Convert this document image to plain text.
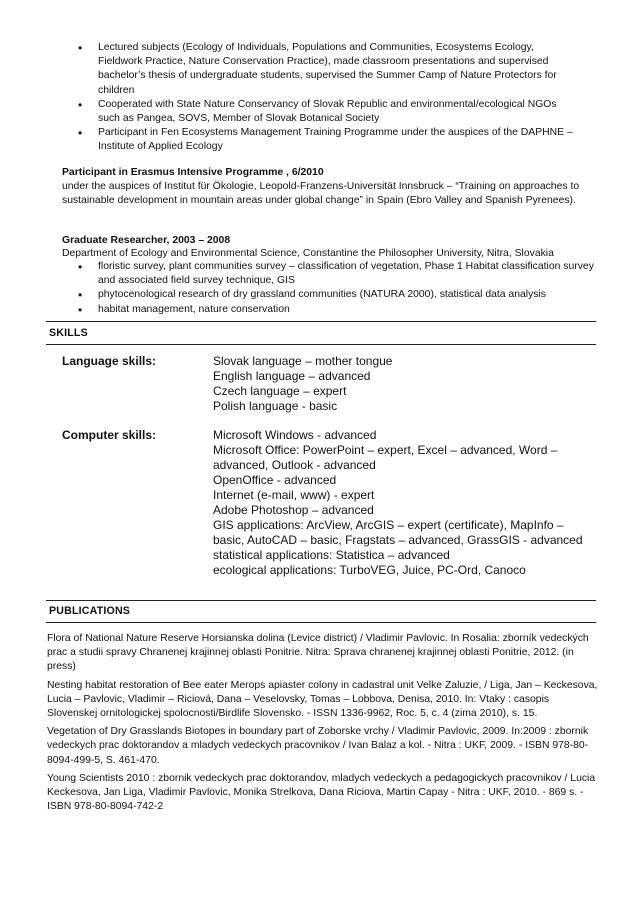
• Lectured subjects (Ecology of Individuals, Populations and Communities, Ecosystems Ecology, Fieldwork Practice, Nature Conservation Practice), made classroom presentations and supervised bachelor’s thesis of undergraduate students, supervised the Summer Camp of Nature Protectors for children
• Cooperated with State Nature Conservancy of Slovak Republic and environmental/ecological NGOs such as Pangea, SOVS, Member of Slovak Botanical Society
• Participant in Fen Ecosystems Management Training Programme under the auspices of the DAPHNE – Institute of Applied Ecology
Participant in Erasmus Intensive Programme , 6/2010
under the auspices of Institut für Ökologie, Leopold-Franzens-Universität Innsbruck – “Training on approaches to sustainable development in mountain areas under global change” in Spain (Ebro Valley and Spanish Pyrenees).
Graduate Researcher, 2003 – 2008
Department of Ecology and Environmental Science, Constantine the Philosopher University, Nitra, Slovakia
• floristic survey, plant communities survey – classification of vegetation, Phase 1 Habitat classification survey and associated field survey technique, GIS
• phytocenological research of dry grassland communities (NATURA 2000), statistical data analysis
• habitat management, nature conservation
SKILLS
Language skills:	Slovak language – mother tongue
English language – advanced
Czech language – expert
Polish language - basic
Computer skills:	Microsoft Windows - advanced
Microsoft Office: PowerPoint – expert, Excel – advanced, Word –
advanced, Outlook - advanced
OpenOffice - advanced
Internet (e-mail, www) - expert
Adobe Photoshop – advanced
GIS applications: ArcView, ArcGIS – expert (certificate), MapInfo –
basic, AutoCAD – basic, Fragstats – advanced, GrassGIS - advanced
statistical applications: Statistica – advanced
ecological applications: TurboVEG, Juice, PC-Ord, Canoco
PUBLICATIONS

Flora of National Nature Reserve Horsianska dolina (Levice district) / Vladimir Pavlovic. In Rosalia: zborník vedeckých prac a studii spravy Chranenej krajinnej oblasti Ponitrie. Nitra: Sprava chranenej krajinnej oblasti Ponitrie, 2012. (in press)

Nesting habitat restoration of Bee eater Merops apiaster colony in cadastral unit Velke Zaluzie, / Liga, Jan – Keckesova, Lucia – Pavlovic, Vladimir – Riciová, Dana – Veselovsky, Tomas – Lobbova, Denisa, 2010. In: Vtaky : casopis Slovenskej ornitologickej spolocnosti/Birdlife Slovensko. - ISSN 1336-9962, Roc. 5, c. 4 (zima 2010), s. 15.

Vegetation of Dry Grasslands Biotopes in boundary part of Zoborske vrchy / Vladimir Pavlovic, 2009. In:2009 : zbornik vedeckych prac doktorandov a mladych vedeckych pracovnikov / Ivan Balaz a kol. - Nitra : UKF, 2009. - ISBN 978-80-8094-499-5, S. 461-470.

Young Scientists 2010 : zbornik vedeckych prac doktorandov, mladych vedeckych a pedagogickych pracovnikov / Lucia Keckesova, Jan Liga, Vladimir Pavlovic, Monika Strelkova, Dana Riciova, Martin Capay - Nitra : UKF, 2010. - 869 s. - ISBN 978-80-8094-742-2
